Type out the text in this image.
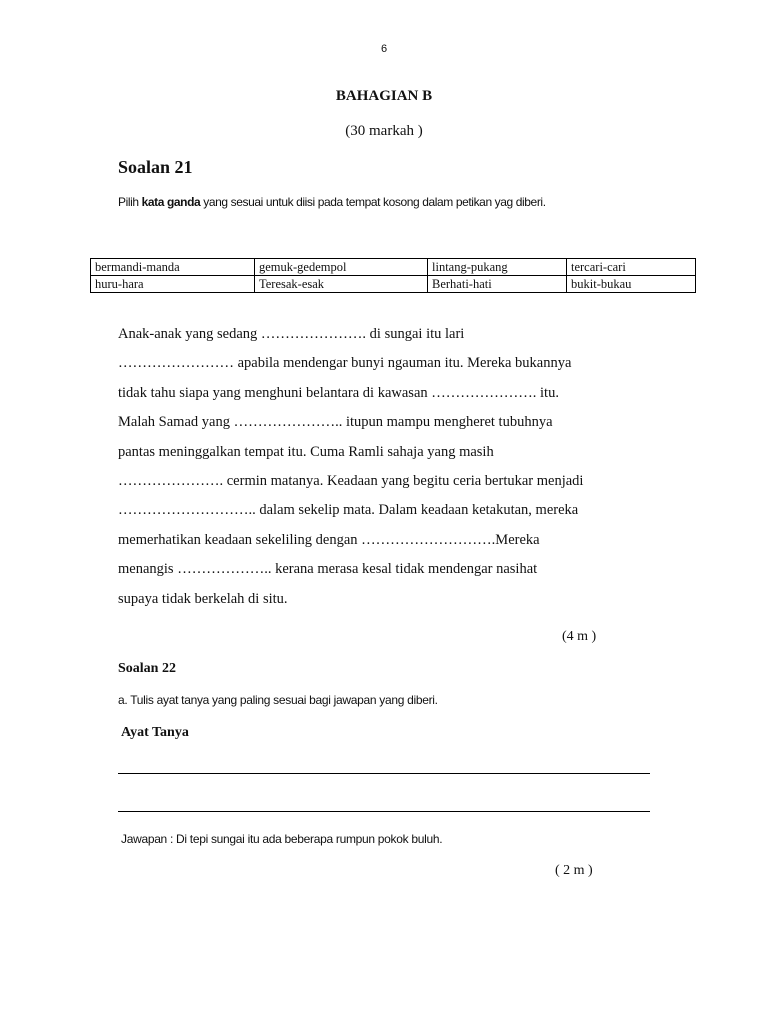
6
BAHAGIAN B
(30 markah )
Soalan 21
Pilih kata ganda yang sesuai untuk diisi pada tempat kosong dalam petikan yag diberi.
bermandi-manda	gemuk-gedempol	lintang-pukang	tercari-cari
huru-hara	Teresak-esak	Berhati-hati	bukit-bukau
Anak-anak yang sedang …………………. di sungai itu lari
…………………… apabila mendengar bunyi ngauman itu. Mereka bukannya
tidak tahu siapa yang menghuni belantara di kawasan …………………. itu.
Malah Samad yang ………………….. itupun mampu mengheret tubuhnya
pantas meninggalkan tempat itu. Cuma Ramli sahaja yang masih
…………………. cermin matanya. Keadaan yang begitu ceria bertukar menjadi
……………………….. dalam sekelip mata. Dalam keadaan ketakutan, mereka
memerhatikan keadaan sekeliling dengan ……………………….Mereka
menangis ……………….. kerana merasa kesal tidak mendengar nasihat
supaya tidak berkelah di situ.
(4 m )
Soalan 22
a. Tulis ayat tanya yang paling sesuai bagi jawapan yang diberi.
Ayat Tanya
Jawapan : Di tepi sungai itu ada beberapa rumpun pokok buluh.
( 2 m )
